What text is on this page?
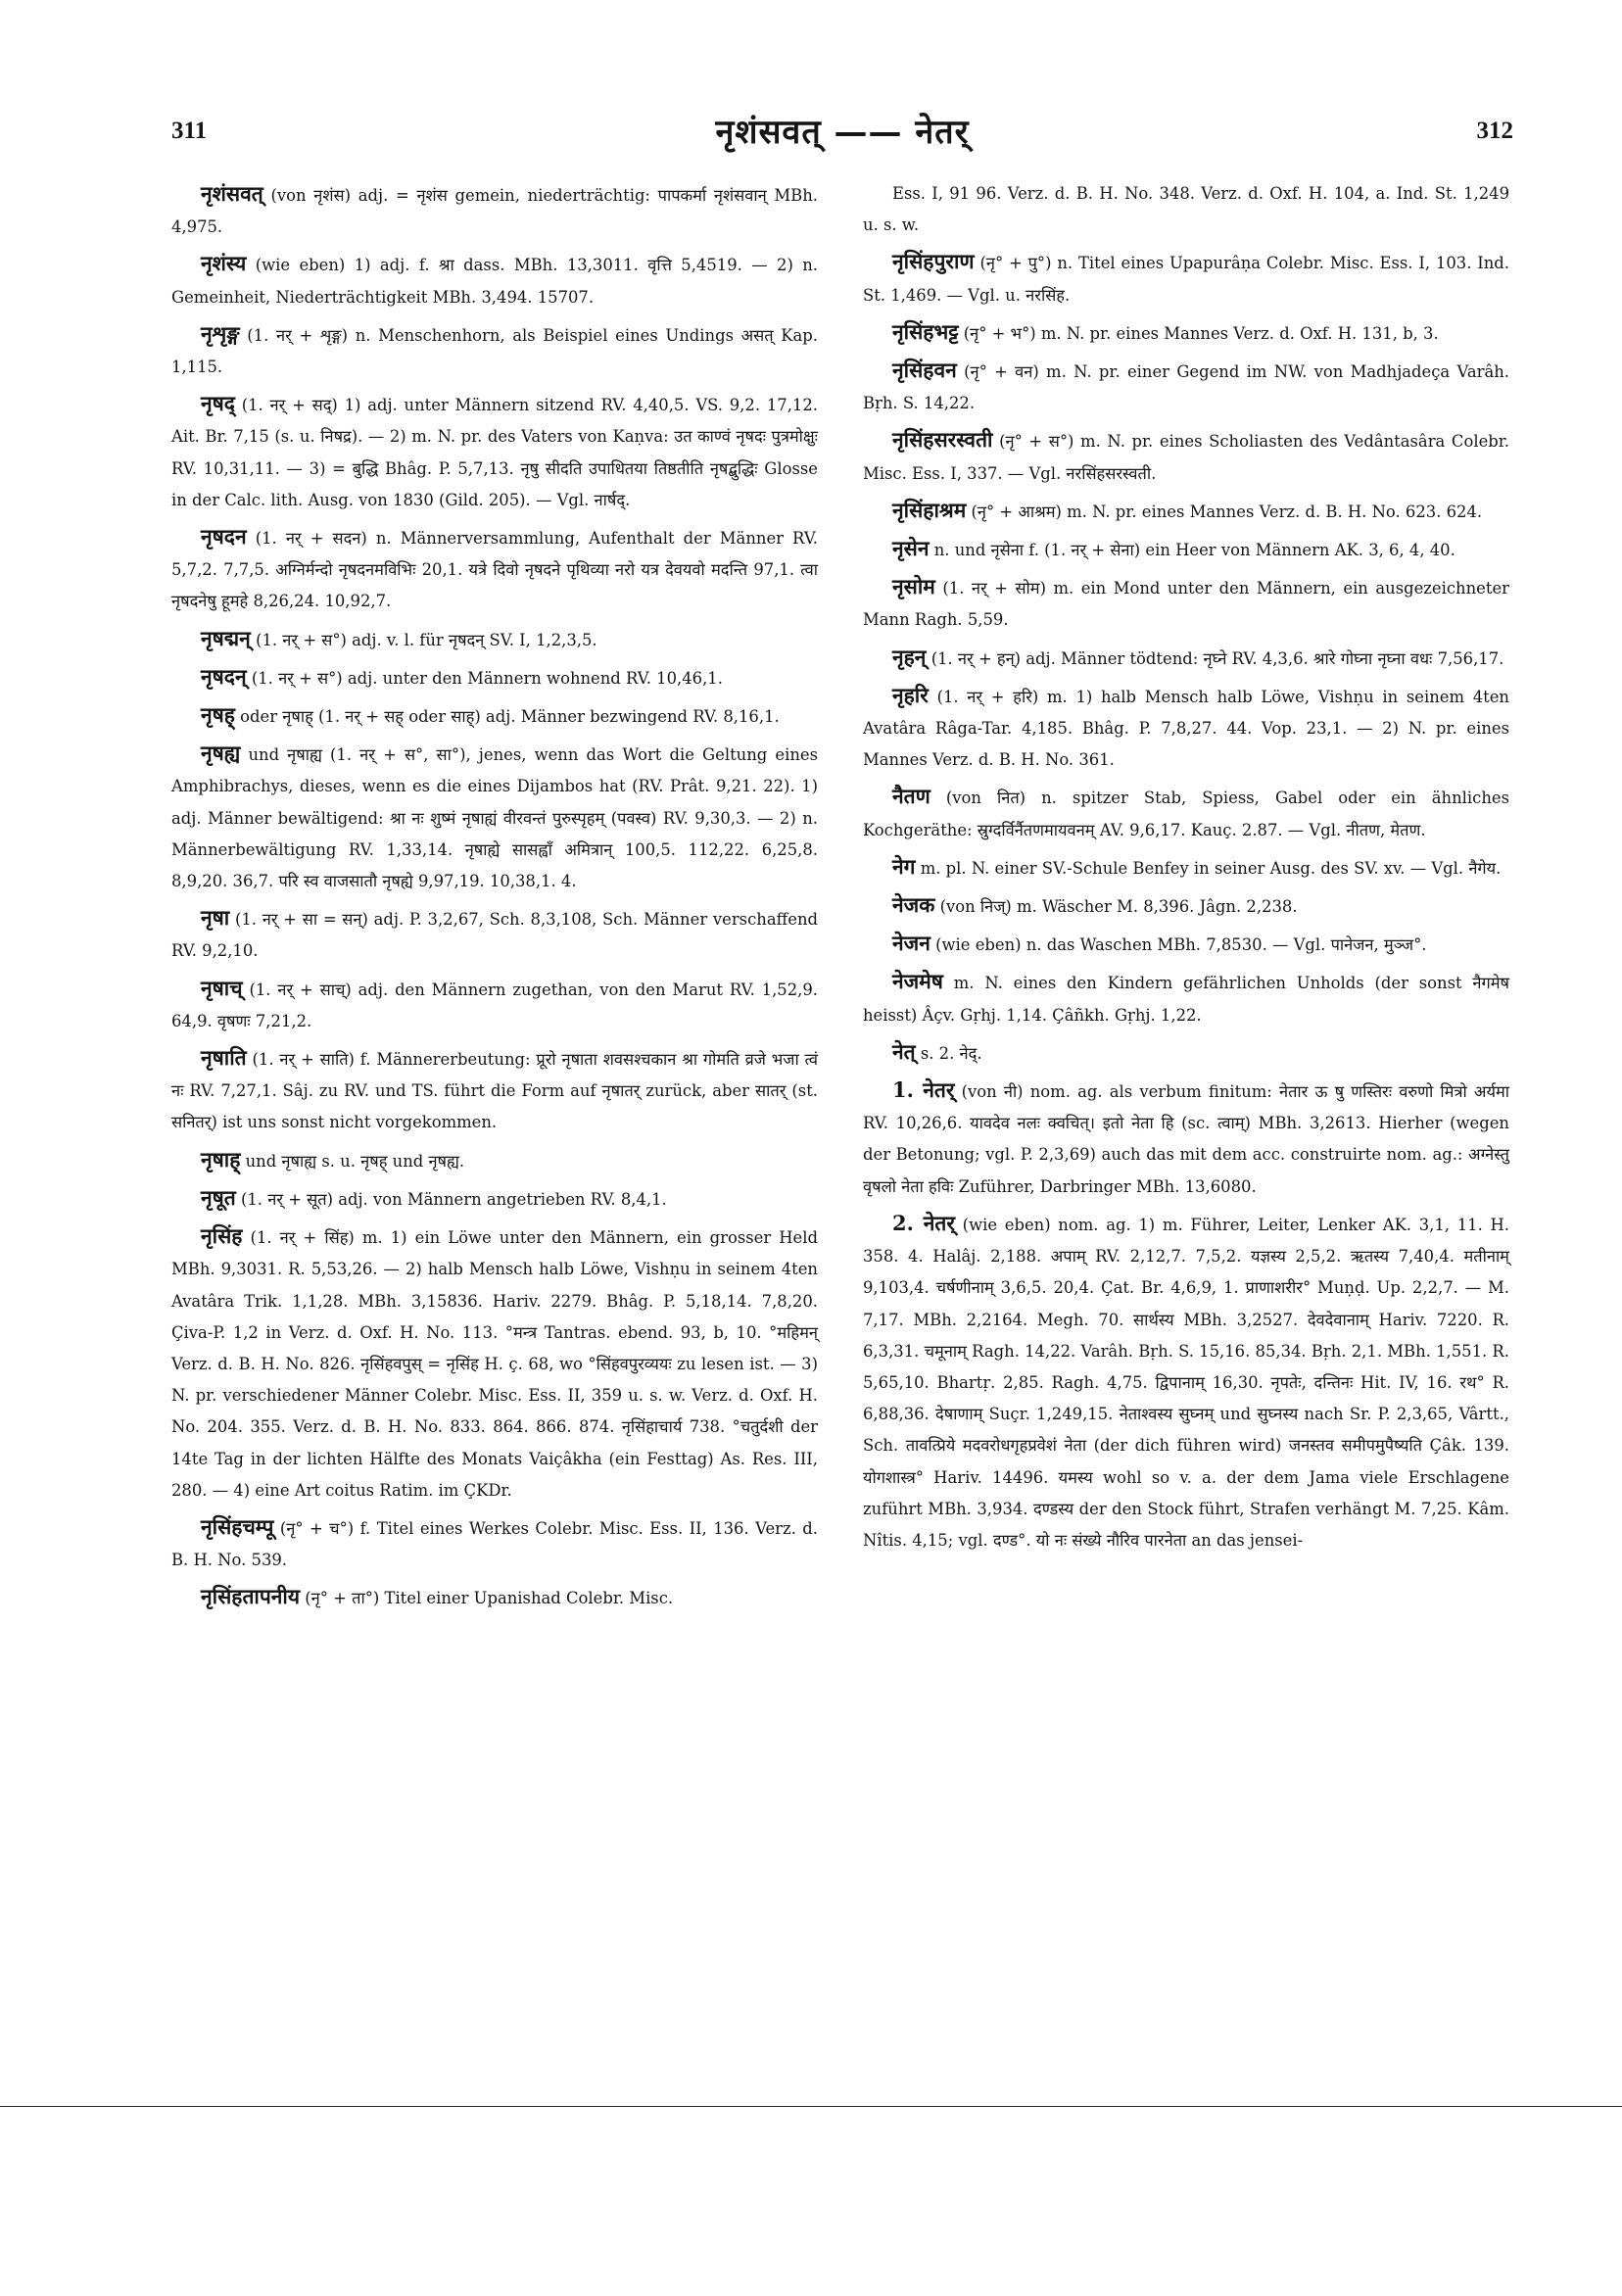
311	नृशंसवत् —— नेतर्	312

नृशंसवत् (von नृशंस) adj. = नृशंस gemein, niederträchtig: पापकर्मा नृशंसवान् MBh. 4,975.

नृशंस्य (wie eben) 1) adj. f. श्रा dass. MBh. 13,3011. वृत्ति 5,4519. — 2) n. Gemeinheit, Niederträchtigkeit MBh. 3,494. 15707.

नृशृङ्ग (1. नर् + शृङ्ग) n. Menschenhorn, als Beispiel eines Undings असत् Kap. 1,115.

नृषद् (1. नर् + सद्) 1) adj. unter Männern sitzend RV. 4,40,5. VS. 9,2. 17,12. Ait. Br. 7,15 (s. u. निषद्र). — 2) m. N. pr. des Vaters von Kaṇva: उत काण्वं नृषदः पुत्रमोक्षुः RV. 10,31,11. — 3) = बुद्धि Bhâg. P. 5,7,13. नृषु सीदति उपाधितया तिष्ठतीति नृषद्बुद्धिः Glosse in der Calc. lith. Ausg. von 1830 (Gild. 205). — Vgl. नार्षद्.

नृषदन (1. नर् + सदन) n. Männerversammlung, Aufenthalt der Männer RV. 5,7,2. 7,7,5. अग्निर्मन्दो नृषदनमविभिः 20,1. यत्रे दिवो नृषदने पृथिव्या नरो यत्र देवयवो मदन्ति 97,1. त्वा नृषदनेषु हूमहे 8,26,24. 10,92,7.

नृषद्मन् (1. नर् + स°) adj. v. l. für नृषदन् SV. I, 1,2,3,5.

नृषदन् (1. नर् + स°) adj. unter den Männern wohnend RV. 10,46,1.

नृषह् oder नृषाह् (1. नर् + सह् oder साह्) adj. Männer bezwingend RV. 8,16,1.

नृषह्य und नृषाह्य (1. नर् + स°, सा°), jenes, wenn das Wort die Geltung eines Amphibrachys, dieses, wenn es die eines Dijambos hat (RV. Prât. 9,21. 22). 1) adj. Männer bewältigend: श्रा नः शुष्मं नृषाह्यं वीरवन्तं पुरुस्पृहम् (पवस्व) RV. 9,30,3. — 2) n. Männerbewältigung RV. 1,33,14. नृषाह्ये सासह्वाँ अमित्रान् 100,5. 112,22. 6,25,8. 8,9,20. 36,7. परि स्व वाजसातौ नृषह्ये 9,97,19. 10,38,1. 4.

नृषा (1. नर् + सा = सन्) adj. P. 3,2,67, Sch. 8,3,108, Sch. Männer verschaffend RV. 9,2,10.

नृषाच् (1. नर् + साच्) adj. den Männern zugethan, von den Marut RV. 1,52,9. 64,9. वृषणः 7,21,2.

नृषाति (1. नर् + साति) f. Männererbeutung: प्रूरो नृषाता शवसश्चकान श्रा गोमति व्रजे भजा त्वं नः RV. 7,27,1. Sâj. zu RV. und TS. führt die Form auf नृषातर् zurück, aber सातर् (st. सनितर्) ist uns sonst nicht vorgekommen.

नृषाह् und नृषाह्य s. u. नृषह् und नृषह्य.

नृषूत (1. नर् + सूत) adj. von Männern angetrieben RV. 8,4,1.

नृसिंह (1. नर् + सिंह) m. 1) ein Löwe unter den Männern, ein grosser Held MBh. 9,3031. R. 5,53,26. — 2) halb Mensch halb Löwe, Vishṇu in seinem 4ten Avatâra Trik. 1,1,28. MBh. 3,15836. Hariv. 2279. Bhâg. P. 5,18,14. 7,8,20. Çiva-P. 1,2 in Verz. d. Oxf. H. No. 113. °मन्त्र Tantras. ebend. 93, b, 10. °महिमन् Verz. d. B. H. No. 826. नृसिंहवपुस् = नृसिंह H. ç. 68, wo °सिंहवपुरव्ययः zu lesen ist. — 3) N. pr. verschiedener Männer Colebr. Misc. Ess. II, 359 u. s. w. Verz. d. Oxf. H. No. 204. 355. Verz. d. B. H. No. 833. 864. 866. 874. नृसिंहाचार्य 738. °चतुर्दशी der 14te Tag in der lichten Hälfte des Monats Vaiçâkha (ein Festtag) As. Res. III, 280. — 4) eine Art coitus Ratim. im ÇKDr.

नृसिंहचम्पू (नृ° + च°) f. Titel eines Werkes Colebr. Misc. Ess. II, 136. Verz. d. B. H. No. 539.

नृसिंहतापनीय (नृ° + ता°) Titel einer Upanishad Colebr. Misc.

Ess. I, 91 96. Verz. d. B. H. No. 348. Verz. d. Oxf. H. 104, a. Ind. St. 1,249 u. s. w.

नृसिंहपुराण (नृ° + पु°) n. Titel eines Upapurâṇa Colebr. Misc. Ess. I, 103. Ind. St. 1,469. — Vgl. u. नरसिंह.

नृसिंहभट्ट (नृ° + भ°) m. N. pr. eines Mannes Verz. d. Oxf. H. 131, b, 3.

नृसिंहवन (नृ° + वन) m. N. pr. einer Gegend im NW. von Madhjadeça Varâh. Bṛh. S. 14,22.

नृसिंहसरस्वती (नृ° + स°) m. N. pr. eines Scholiasten des Vedântasâra Colebr. Misc. Ess. I, 337. — Vgl. नरसिंहसरस्वती.

नृसिंहाश्रम (नृ° + आश्रम) m. N. pr. eines Mannes Verz. d. B. H. No. 623. 624.

नृसेन n. und नृसेना f. (1. नर् + सेना) ein Heer von Männern AK. 3, 6, 4, 40.

नृसोम (1. नर् + सोम) m. ein Mond unter den Männern, ein ausgezeichneter Mann Ragh. 5,59.

नृहन् (1. नर् + हन्) adj. Männer tödtend: नृघ्ने RV. 4,3,6. श्रारे गोघ्ना नृघ्ना वधः 7,56,17.

नृहरि (1. नर् + हरि) m. 1) halb Mensch halb Löwe, Vishṇu in seinem 4ten Avatâra Râga-Tar. 4,185. Bhâg. P. 7,8,27. 44. Vop. 23,1. — 2) N. pr. eines Mannes Verz. d. B. H. No. 361.

नैतण (von नित) n. spitzer Stab, Spiess, Gabel oder ein ähnliches Kochgeräthe: स्रुग्दर्विर्नैतणमायवनम् AV. 9,6,17. Kauç. 2.87. — Vgl. नीतण, मेतण.

नेग m. pl. N. einer SV.-Schule Benfey in seiner Ausg. des SV. xv. — Vgl. नैगेय.

नेजक (von निज्) m. Wäscher M. 8,396. Jâgn. 2,238.

नेजन (wie eben) n. das Waschen MBh. 7,8530. — Vgl. पानेजन, मुञ्ज°.

नेजमेष m. N. eines den Kindern gefährlichen Unholds (der sonst नैगमेष heisst) Âçv. Gṛhj. 1,14. Çâñkh. Gṛhj. 1,22.

नेत् s. 2. नेद्.

1. नेतर् (von नी) nom. ag. als verbum finitum: नेतार ऊ षु णस्तिरः वरुणो मित्रो अर्यमा RV. 10,26,6. यावदेव नलः क्वचित्। इतो नेता हि (sc. त्वाम्) MBh. 3,2613. Hierher (wegen der Betonung; vgl. P. 2,3,69) auch das mit dem acc. construirte nom. ag.: अग्नेस्तु वृषलो नेता हविः Zuführer, Darbringer MBh. 13,6080.

2. नेतर् (wie eben) nom. ag. 1) m. Führer, Leiter, Lenker AK. 3,1, 11. H. 358. 4. Halâj. 2,188. अपाम् RV. 2,12,7. 7,5,2. यज्ञस्य 2,5,2. ऋतस्य 7,40,4. मतीनाम् 9,103,4. चर्षणीनाम् 3,6,5. 20,4. Çat. Br. 4,6,9, 1. प्राणाशरीर° Muṇḍ. Up. 2,2,7. — M. 7,17. MBh. 2,2164. Megh. 70. सार्थस्य MBh. 3,2527. देवदेवानाम् Hariv. 7220. R. 6,3,31. चमूनाम् Ragh. 14,22. Varâh. Bṛh. S. 15,16. 85,34. Bṛh. 2,1. MBh. 1,551. R. 5,65,10. Bhartṛ. 2,85. Ragh. 4,75. द्विपानाम् 16,30. नृपतेः, दन्तिनः Hit. IV, 16. रथ° R. 6,88,36. देषाणाम् Suçr. 1,249,15. नेताश्वस्य सुघ्नम् und सुघ्नस्य nach Sr. P. 2,3,65, Vârtt., Sch. तावत्प्रिये मदवरोधगृहप्रवेशं नेता (der dich führen wird) जनस्तव समीपमुपैष्यति Çâk. 139. योगशास्त्र° Hariv. 14496. यमस्य wohl so v. a. der dem Jama viele Erschlagene zuführt MBh. 3,934. दण्डस्य der den Stock führt, Strafen verhängt M. 7,25. Kâm. Nîtis. 4,15; vgl. दण्ड°. यो नः संख्ये नौरिव पारनेता an das jensei-
